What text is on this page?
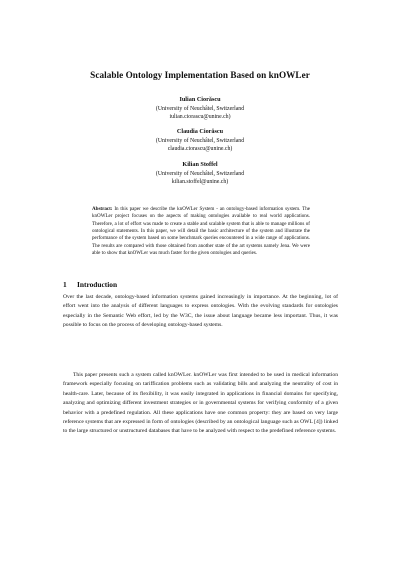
Scalable Ontology Implementation Based on knOWLer
Iulian Ciorăscu
(University of Neuchâtel, Switzerland
iulian.ciorascu@unine.ch)
Claudia Ciorăscu
(University of Neuchâtel, Switzerland
claudia.ciorascu@unine.ch)
Kilian Stoffel
(University of Neuchâtel, Switzerland
kilian.stoffel@unine.ch)
Abstract: In this paper we describe the knOWLer System - an ontology-based information system. The knOWLer project focuses on the aspects of making ontologies available to real world applications. Therefore, a lot of effort was made to create a stable and scalable system that is able to manage millions of ontological statements. In this paper, we will detail the basic architecture of the system and illustrate the performance of the system based on some benchmark queries encountered in a wide range of applications. The results are compared with those obtained from another state of the art systems namely Jena. We were able to show that knOWLer was much faster for the given ontologies and queries.
1 Introduction
Over the last decade, ontology-based information systems gained increasingly in importance. At the beginning, lot of effort went into the analysis of different languages to express ontologies. With the evolving standards for ontologies especially in the Semantic Web effort, led by the W3C, the issue about language became less important. Thus, it was possible to focus on the process of developing ontology-based systems.
This paper presents such a system called knOWLer. knOWLer was first intended to be used in medical information framework especially focusing on tariffication problems such as validating bills and analyzing the neutrality of cost in health-care. Later, because of its flexibility, it was easily integrated in applications in financial domains for specifying, analyzing and optimizing different investment strategies or in governmental systems for verifying conformity of a given behavior with a predefined regulation. All these applications have one common property: they are based on very large reference systems that are expressed in form of ontologies (described by an ontological language such as OWL [4]) linked to the large structured or unstructured databases that have to be analyzed with respect to the predefined reference systems.
